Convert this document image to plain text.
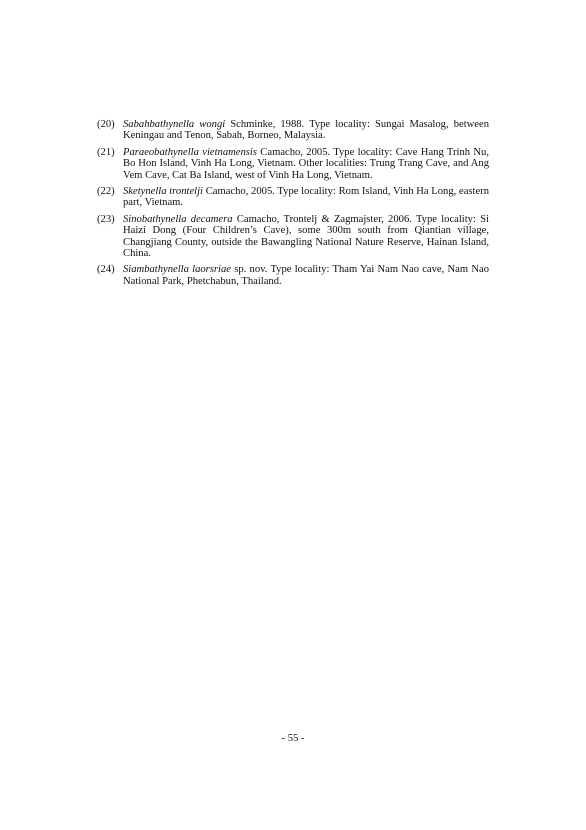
(20) Sabahbathynella wongi Schminke, 1988. Type locality: Sungai Masalog, between Keningau and Tenon, Sabah, Borneo, Malaysia.
(21) Paraeobathynella vietnamensis Camacho, 2005. Type locality: Cave Hang Trinh Nu, Bo Hon Island, Vinh Ha Long, Vietnam. Other localities: Trung Trang Cave, and Ang Vem Cave, Cat Ba Island, west of Vinh Ha Long, Vietnam.
(22) Sketynella trontelji Camacho, 2005. Type locality: Rom Island, Vinh Ha Long, eastern part, Vietnam.
(23) Sinobathynella decamera Camacho, Trontelj & Zagmajster, 2006. Type locality: Si Haizi Dong (Four Children’s Cave), some 300m south from Qiantian village, Changjiang County, outside the Bawangling National Nature Reserve, Hainan Island, China.
(24) Siambathynella laorsriae sp. nov. Type locality: Tham Yai Nam Nao cave, Nam Nao National Park, Phetchabun, Thailand.
- 55 -
